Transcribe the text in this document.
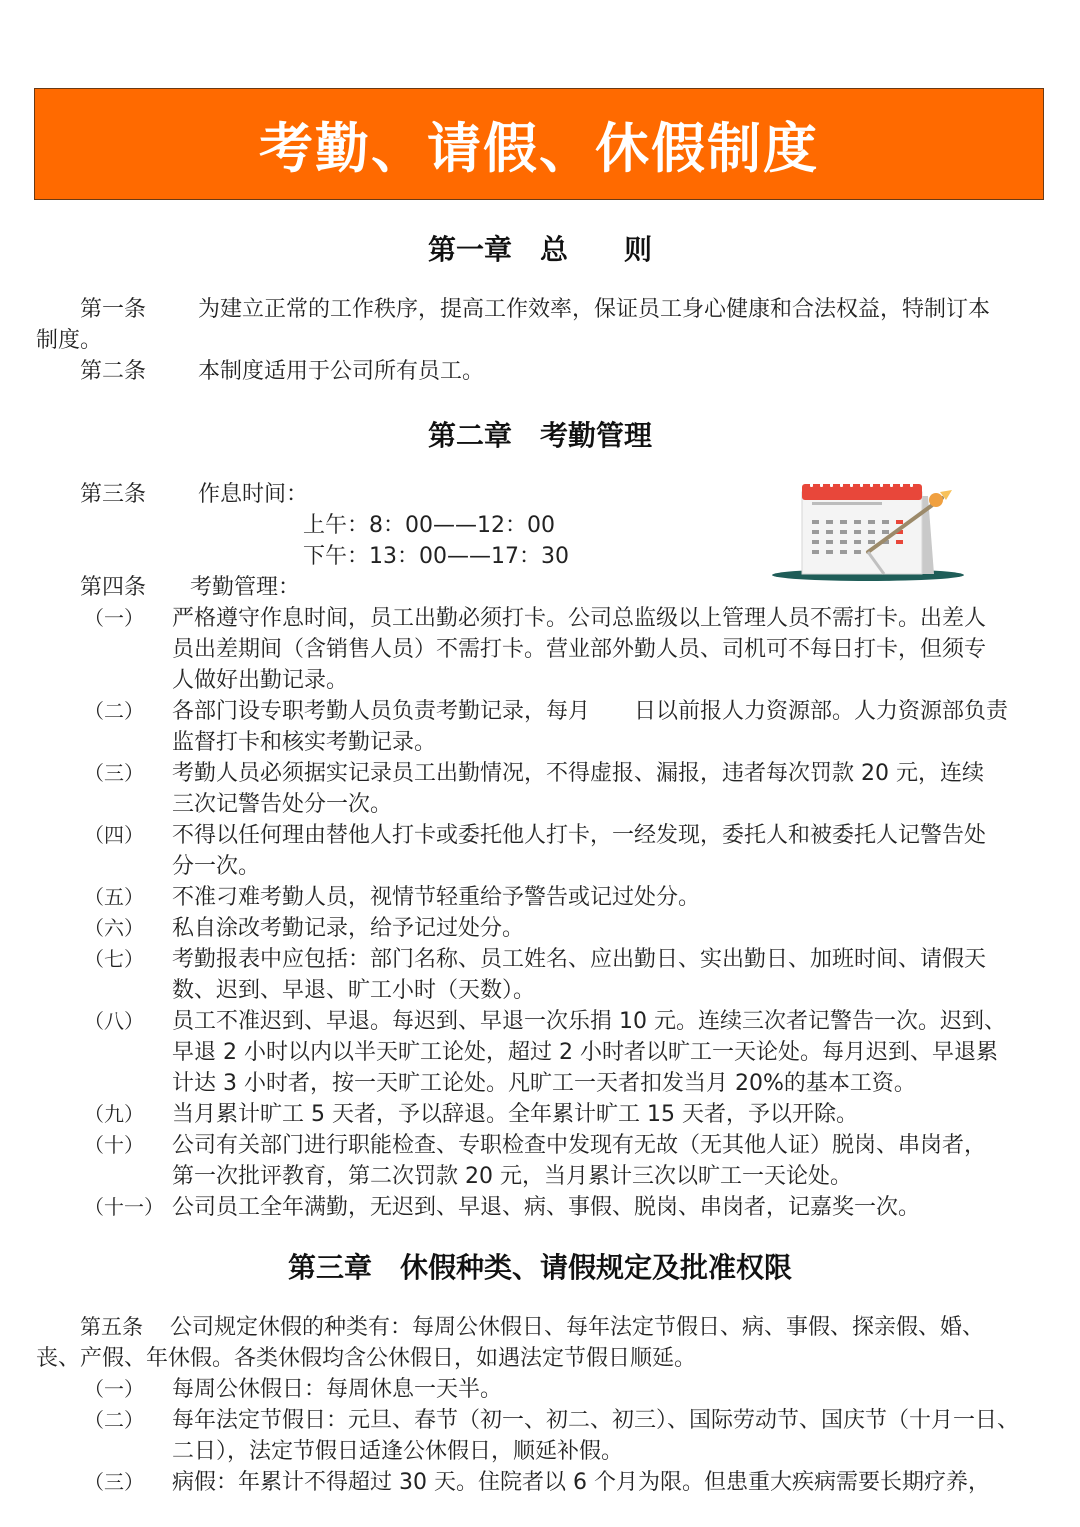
考勤、请假、休假制度
第一章　总　　则
第一条 为建立正常的工作秩序，提高工作效率，保证员工身心健康和合法权益，特制订本
制度。
第二条 本制度适用于公司所有员工。
第二章　考勤管理
第三条 作息时间：
上午：8：00——12：00
下午：13：00——17：30
第四条 考勤管理：
（一） 严格遵守作息时间，员工出勤必须打卡。公司总监级以上管理人员不需打卡。出差人
员出差期间（含销售人员）不需打卡。营业部外勤人员、司机可不每日打卡，但须专
人做好出勤记录。
（二） 各部门设专职考勤人员负责考勤记录，每月　　日以前报人力资源部。人力资源部负责
监督打卡和核实考勤记录。
（三） 考勤人员必须据实记录员工出勤情况，不得虚报、漏报，违者每次罚款 20 元，连续
三次记警告处分一次。
（四） 不得以任何理由替他人打卡或委托他人打卡，一经发现，委托人和被委托人记警告处
分一次。
（五） 不准刁难考勤人员，视情节轻重给予警告或记过处分。
（六） 私自涂改考勤记录，给予记过处分。
（七） 考勤报表中应包括：部门名称、员工姓名、应出勤日、实出勤日、加班时间、请假天
数、迟到、早退、旷工小时（天数）。
（八） 员工不准迟到、早退。每迟到、早退一次乐捐 10 元。连续三次者记警告一次。迟到、
早退 2 小时以内以半天旷工论处，超过 2 小时者以旷工一天论处。每月迟到、早退累
计达 3 小时者，按一天旷工论处。凡旷工一天者扣发当月 20%的基本工资。
（九） 当月累计旷工 5 天者，予以辞退。全年累计旷工 15 天者，予以开除。
（十） 公司有关部门进行职能检查、专职检查中发现有无故（无其他人证）脱岗、串岗者，
第一次批评教育，第二次罚款 20 元，当月累计三次以旷工一天论处。
（十一） 公司员工全年满勤，无迟到、早退、病、事假、脱岗、串岗者，记嘉奖一次。
第三章　休假种类、请假规定及批准权限
第五条 公司规定休假的种类有：每周公休假日、每年法定节假日、病、事假、探亲假、婚、
丧、产假、年休假。各类休假均含公休假日，如遇法定节假日顺延。
（一） 每周公休假日：每周休息一天半。
（二） 每年法定节假日：元旦、春节（初一、初二、初三）、国际劳动节、国庆节（十月一日、
二日），法定节假日适逢公休假日，顺延补假。
（三） 病假：年累计不得超过 30 天。住院者以 6 个月为限。但患重大疾病需要长期疗养，
